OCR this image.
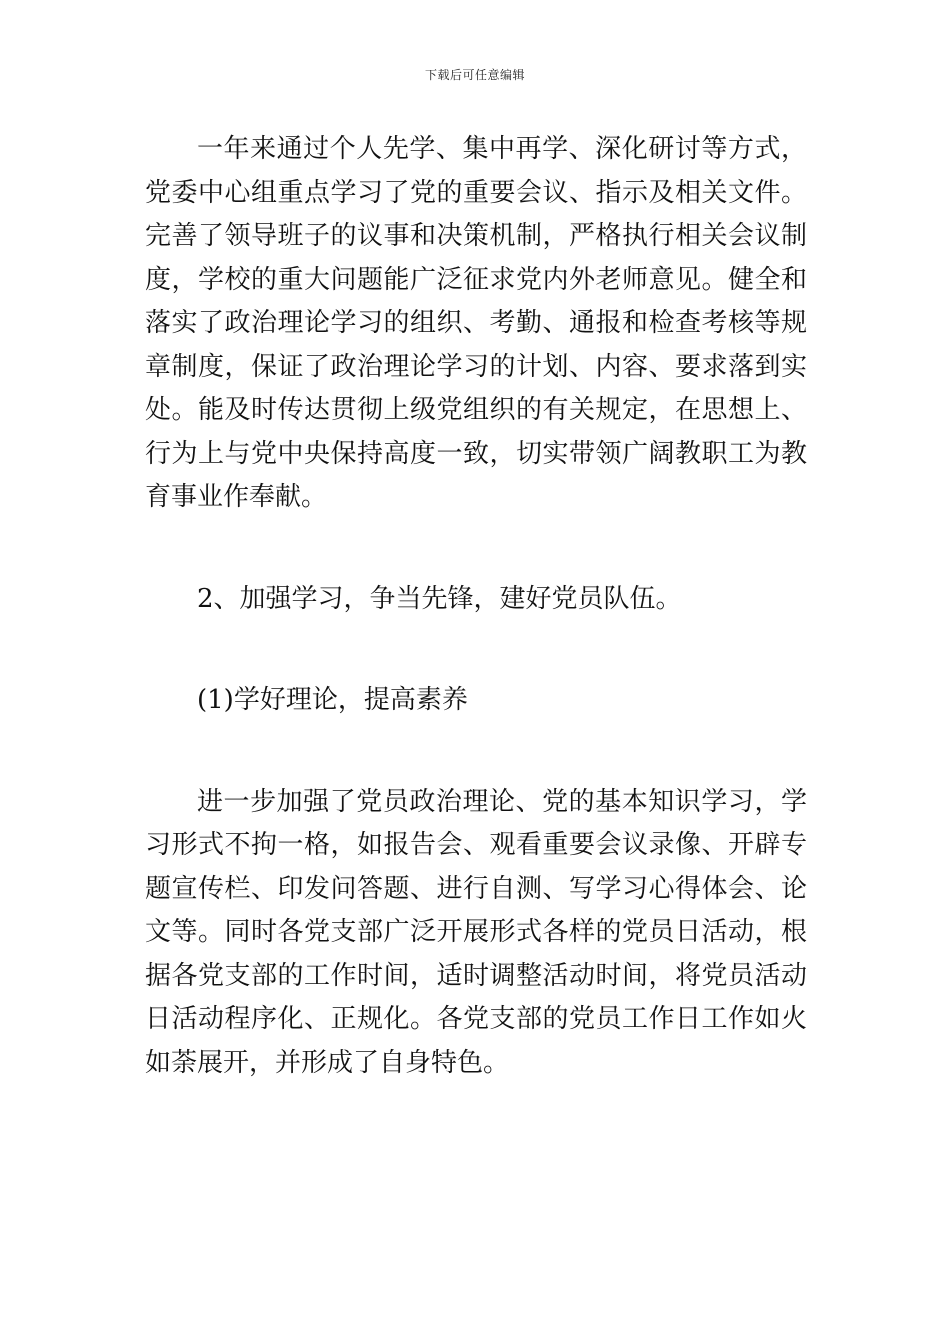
下载后可任意编辑

一年来通过个人先学、集中再学、深化研讨等方式，党委中心组重点学习了党的重要会议、指示及相关文件。完善了领导班子的议事和决策机制，严格执行相关会议制度，学校的重大问题能广泛征求党内外老师意见。健全和落实了政治理论学习的组织、考勤、通报和检查考核等规章制度，保证了政治理论学习的计划、内容、要求落到实处。能及时传达贯彻上级党组织的有关规定，在思想上、行为上与党中央保持高度一致，切实带领广阔教职工为教育事业作奉献。

2、加强学习，争当先锋，建好党员队伍。

(1)学好理论，提高素养

进一步加强了党员政治理论、党的基本知识学习，学习形式不拘一格，如报告会、观看重要会议录像、开辟专题宣传栏、印发问答题、进行自测、写学习心得体会、论文等。同时各党支部广泛开展形式各样的党员日活动，根据各党支部的工作时间，适时调整活动时间，将党员活动日活动程序化、正规化。各党支部的党员工作日工作如火如荼展开，并形成了自身特色。
